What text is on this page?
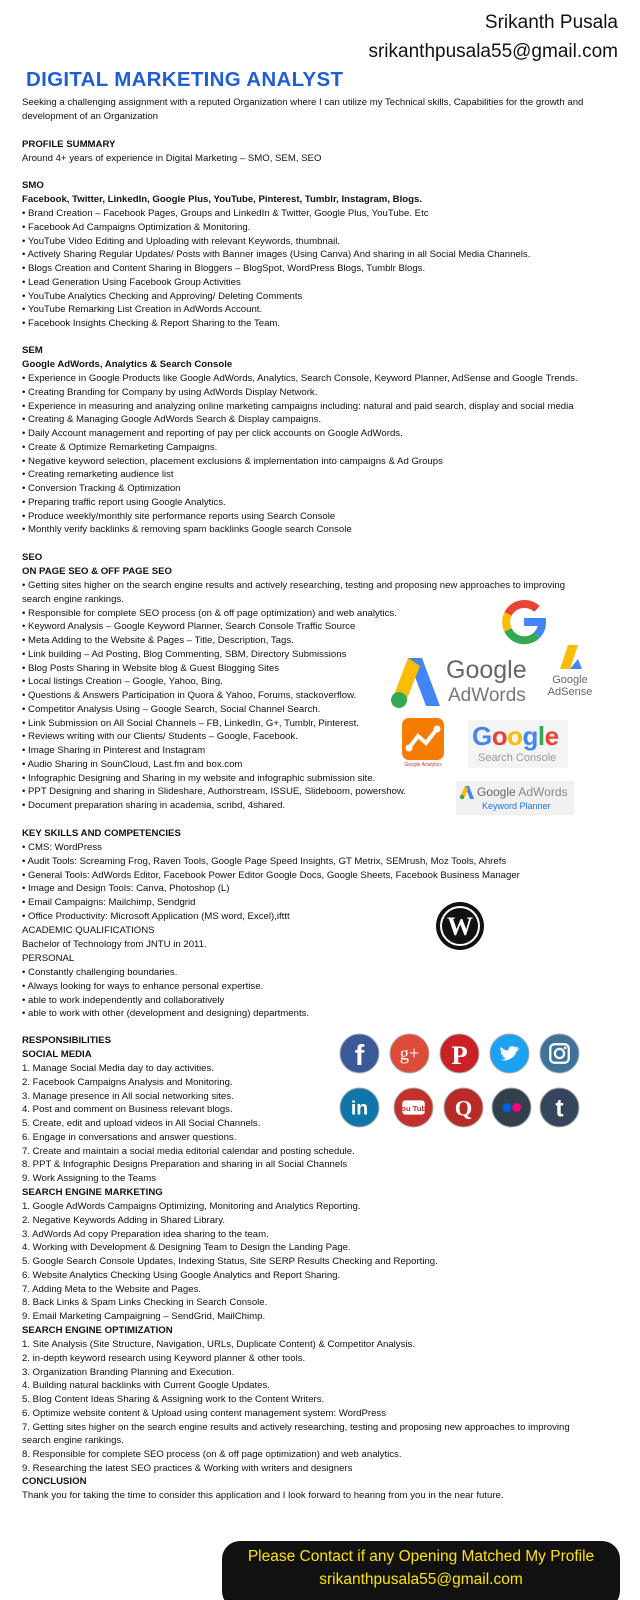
Srikanth Pusala
srikanthpusala55@gmail.com
DIGITAL MARKETING ANALYST
Seeking a challenging assignment with a reputed Organization where I can utilize my Technical skills, Capabilities for the growth and
development of an Organization
PROFILE SUMMARY
Around 4+ years of experience in Digital Marketing – SMO, SEM, SEO
SMO
Facebook, Twitter, LinkedIn, Google Plus, YouTube, Pinterest, Tumblr, Instagram, Blogs.
• Brand Creation – Facebook Pages, Groups and LinkedIn & Twitter, Google Plus, YouTube. Etc
• Facebook Ad Campaigns Optimization & Monitoring.
• YouTube Video Editing and Uploading with relevant Keywords, thumbnail.
• Actively Sharing Regular Updates/ Posts with Banner images (Using Canva) And sharing in all Social Media Channels.
• Blogs Creation and Content Sharing in Bloggers – BlogSpot, WordPress Blogs, Tumblr Blogs.
• Lead Generation Using Facebook Group Activities
• YouTube Analytics Checking and Approving/ Deleting Comments
• YouTube Remarking List Creation in AdWords Account.
• Facebook Insights Checking & Report Sharing to the Team.
SEM
Google AdWords, Analytics & Search Console
• Experience in Google Products like Google AdWords, Analytics, Search Console, Keyword Planner, AdSense and Google Trends.
• Creating Branding for Company by using AdWords Display Network.
• Experience in measuring and analyzing online marketing campaigns including: natural and paid search, display and social media
• Creating & Managing Google AdWords Search & Display campaigns.
• Daily Account management and reporting of pay per click accounts on Google AdWords.
• Create & Optimize Remarketing Campaigns.
• Negative keyword selection, placement exclusions & implementation into campaigns & Ad Groups
• Creating remarketing audience list
• Conversion Tracking & Optimization
• Preparing traffic report using Google Analytics.
• Produce weekly/monthly site performance reports using Search Console
• Monthly verify backlinks & removing spam backlinks Google search Console
SEO
ON PAGE SEO & OFF PAGE SEO
• Getting sites higher on the search engine results and actively researching, testing and proposing new approaches to improving
search engine rankings.
• Responsible for complete SEO process (on & off page optimization) and web analytics.
• Keyword Analysis – Google Keyword Planner, Search Console Traffic Source
• Meta Adding to the Website & Pages – Title, Description, Tags.
• Link building – Ad Posting, Blog Commenting, SBM, Directory Submissions
• Blog Posts Sharing in Website blog & Guest Blogging Sites
• Local listings Creation – Google, Yahoo, Bing.
• Questions & Answers Participation in Quora & Yahoo, Forums, stackoverflow.
• Competitor Analysis Using – Google Search, Social Channel Search.
• Link Submission on All Social Channels – FB, LinkedIn, G+, Tumblr, Pinterest.
• Reviews writing with our Clients/ Students – Google, Facebook.
• Image Sharing in Pinterest and Instagram
• Audio Sharing in SounCloud, Last.fm and box.com
• Infographic Designing and Sharing in my website and infographic submission site.
• PPT Designing and sharing in Slideshare, Authorstream, ISSUE, Slideboom, powershow.
• Document preparation sharing in academia, scribd, 4shared.
KEY SKILLS AND COMPETENCIES
• CMS: WordPress
• Audit Tools: Screaming Frog, Raven Tools, Google Page Speed Insights, GT Metrix, SEMrush, Moz Tools, Ahrefs
• General Tools: AdWords Editor, Facebook Power Editor Google Docs, Google Sheets, Facebook Business Manager
• Image and Design Tools: Canva, Photoshop (L)
• Email Campaigns: Mailchimp, Sendgrid
• Office Productivity: Microsoft Application (MS word, Excel),ifttt
ACADEMIC QUALIFICATIONS
Bachelor of Technology from JNTU in 2011.
PERSONAL
• Constantly challenging boundaries.
• Always looking for ways to enhance personal expertise.
• able to work independently and collaboratively
• able to work with other (development and designing) departments.
RESPONSIBILITIES
SOCIAL MEDIA
1. Manage Social Media day to day activities.
2. Facebook Campaigns Analysis and Monitoring.
3. Manage presence in All social networking sites.
4. Post and comment on Business relevant blogs.
5. Create, edit and upload videos in All Social Channels.
6. Engage in conversations and answer questions.
7. Create and maintain a social media editorial calendar and posting schedule.
8. PPT & Infographic Designs Preparation and sharing in all Social Channels
9. Work Assigning to the Teams
SEARCH ENGINE MARKETING
1. Google AdWords Campaigns Optimizing, Monitoring and Analytics Reporting.
2. Negative Keywords Adding in Shared Library.
3. AdWords Ad copy Preparation idea sharing to the team.
4. Working with Development & Designing Team to Design the Landing Page.
5. Google Search Console Updates, Indexing Status, Site SERP Results Checking and Reporting.
6. Website Analytics Checking Using Google Analytics and Report Sharing.
7. Adding Meta to the Website and Pages.
8. Back Links & Spam Links Checking in Search Console.
9. Email Marketing Campaigning – SendGrid, MailChimp.
SEARCH ENGINE OPTIMIZATION
1. Site Analysis (Site Structure, Navigation, URLs, Duplicate Content) & Competitor Analysis.
2. in-depth keyword research using Keyword planner & other tools.
3. Organization Branding Planning and Execution.
4. Building natural backlinks with Current Google Updates.
5. Blog Content Ideas Sharing & Assigning work to the Content Writers.
6. Optimize website content & Upload using content management system: WordPress
7. Getting sites higher on the search engine results and actively researching, testing and proposing new approaches to improving
search engine rankings.
8. Responsible for complete SEO process (on & off page optimization) and web analytics.
9. Researching the latest SEO practices & Working with writers and designers
CONCLUSION
Thank you for taking the time to consider this application and I look forward to hearing from you in the near future.
Google
AdWords
Google
AdSense
Google Analytics
Google
Search Console
Google AdWords
Keyword Planner
W
f g+ P
in	You Tube Q	t
Please Contact if any Opening Matched My Profile
srikanthpusala55@gmail.com
